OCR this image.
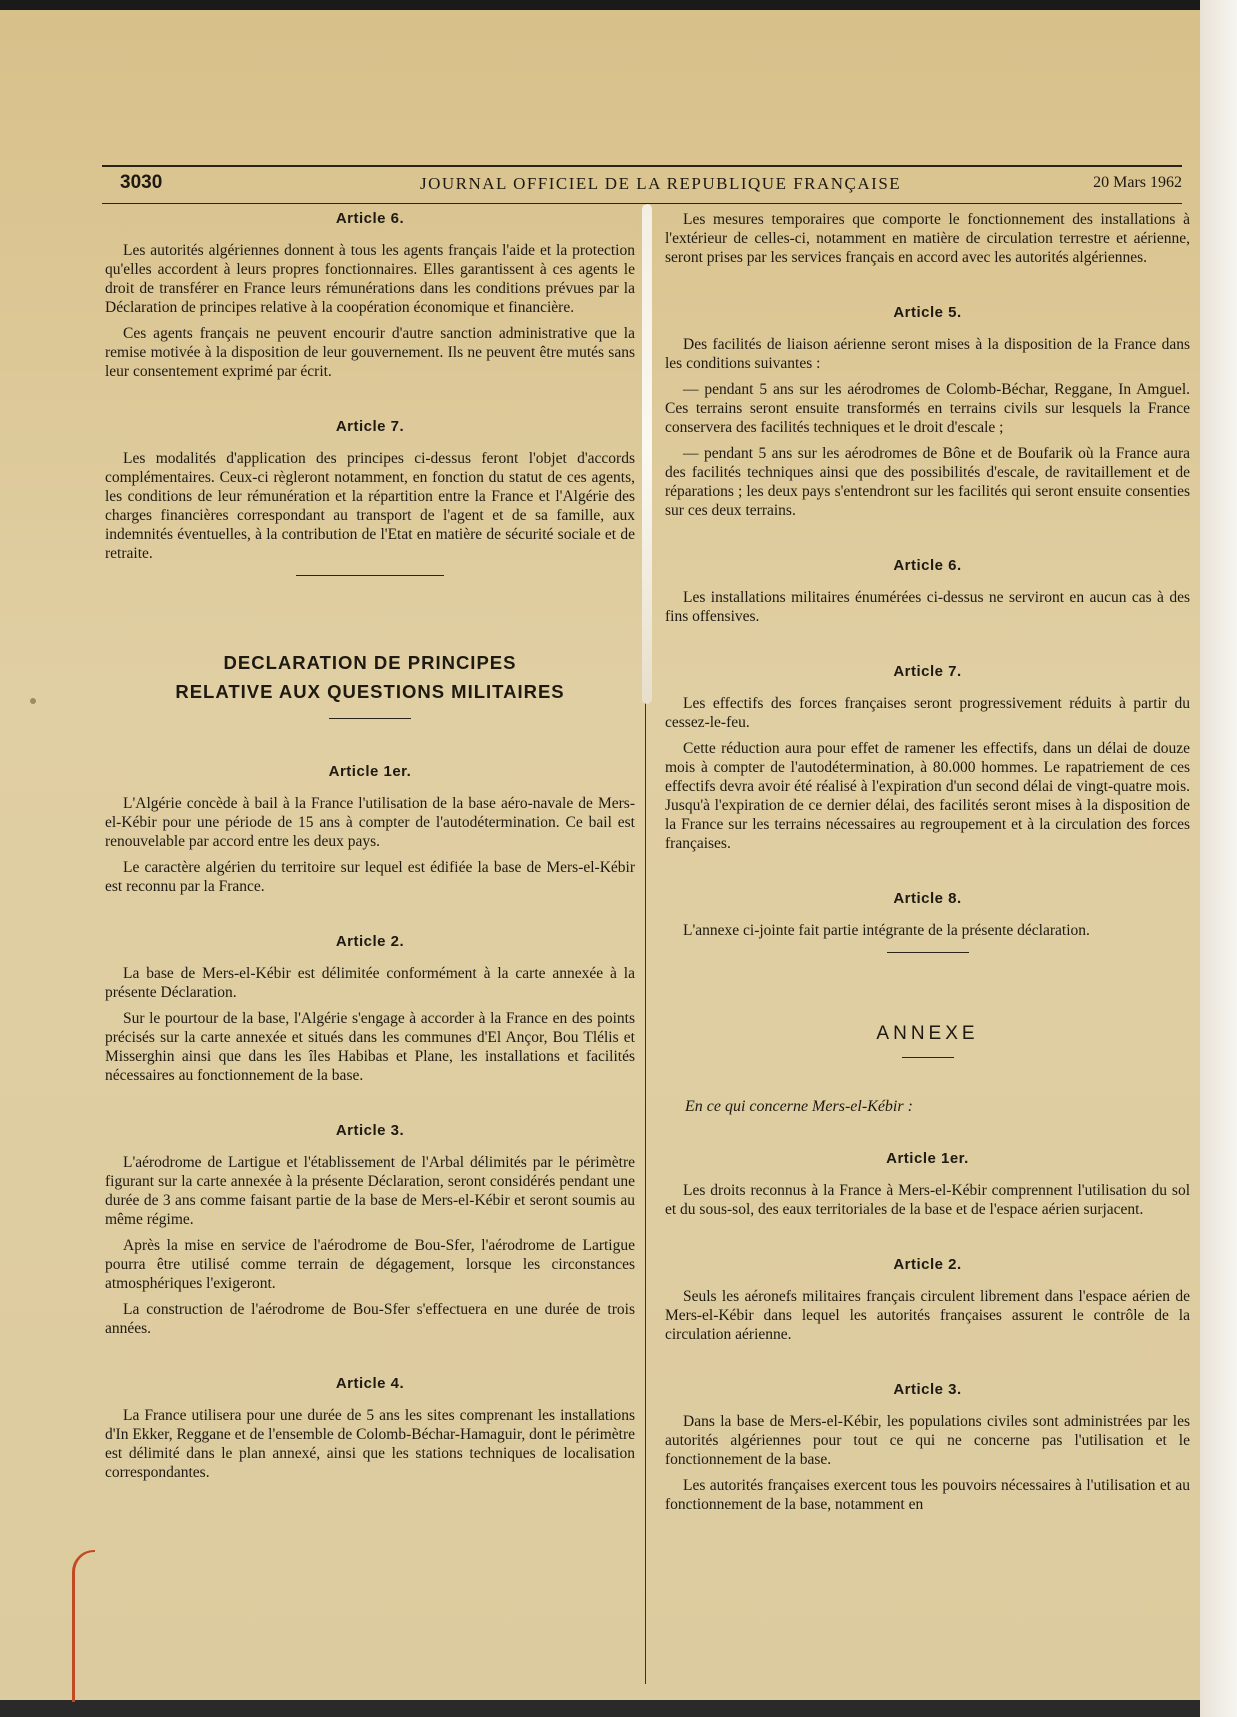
3030	JOURNAL OFFICIEL DE LA REPUBLIQUE FRANÇAISE	20 Mars 1962
Article 6.

Les autorités algériennes donnent à tous les agents français l'aide et la protection qu'elles accordent à leurs propres fonctionnaires. Elles garantissent à ces agents le droit de transférer en France leurs rémunérations dans les conditions prévues par la Déclaration de principes relative à la coopération économique et financière.

Ces agents français ne peuvent encourir d'autre sanction administrative que la remise motivée à la disposition de leur gouvernement. Ils ne peuvent être mutés sans leur consentement exprimé par écrit.

Article 7.

Les modalités d'application des principes ci-dessus feront l'objet d'accords complémentaires. Ceux-ci règleront notamment, en fonction du statut de ces agents, les conditions de leur rémunération et la répartition entre la France et l'Algérie des charges financières correspondant au transport de l'agent et de sa famille, aux indemnités éventuelles, à la contribution de l'Etat en matière de sécurité sociale et de retraite.

DECLARATION DE PRINCIPES
RELATIVE AUX QUESTIONS MILITAIRES
Article 1er.

L'Algérie concède à bail à la France l'utilisation de la base aéro-navale de Mers-el-Kébir pour une période de 15 ans à compter de l'autodétermination. Ce bail est renouvelable par accord entre les deux pays.

Le caractère algérien du territoire sur lequel est édifiée la base de Mers-el-Kébir est reconnu par la France.

Article 2.

La base de Mers-el-Kébir est délimitée conformément à la carte annexée à la présente Déclaration.

Sur le pourtour de la base, l'Algérie s'engage à accorder à la France en des points précisés sur la carte annexée et situés dans les communes d'El Ançor, Bou Tlélis et Misserghin ainsi que dans les îles Habibas et Plane, les installations et facilités nécessaires au fonctionnement de la base.

Article 3.

L'aérodrome de Lartigue et l'établissement de l'Arbal délimités par le périmètre figurant sur la carte annexée à la présente Déclaration, seront considérés pendant une durée de 3 ans comme faisant partie de la base de Mers-el-Kébir et seront soumis au même régime.

Après la mise en service de l'aérodrome de Bou-Sfer, l'aérodrome de Lartigue pourra être utilisé comme terrain de dégagement, lorsque les circonstances atmosphériques l'exigeront.

La construction de l'aérodrome de Bou-Sfer s'effectuera en une durée de trois années.

Article 4.

La France utilisera pour une durée de 5 ans les sites comprenant les installations d'In Ekker, Reggane et de l'ensemble de Colomb-Béchar-Hamaguir, dont le périmètre est délimité dans le plan annexé, ainsi que les stations techniques de localisation correspondantes.

Les mesures temporaires que comporte le fonctionnement des installations à l'extérieur de celles-ci, notamment en matière de circulation terrestre et aérienne, seront prises par les services français en accord avec les autorités algériennes.

Article 5.

Des facilités de liaison aérienne seront mises à la disposition de la France dans les conditions suivantes :

— pendant 5 ans sur les aérodromes de Colomb-Béchar, Reggane, In Amguel. Ces terrains seront ensuite transformés en terrains civils sur lesquels la France conservera des facilités techniques et le droit d'escale ;

— pendant 5 ans sur les aérodromes de Bône et de Boufarik où la France aura des facilités techniques ainsi que des possibilités d'escale, de ravitaillement et de réparations ; les deux pays s'entendront sur les facilités qui seront ensuite consenties sur ces deux terrains.

Article 6.

Les installations militaires énumérées ci-dessus ne serviront en aucun cas à des fins offensives.

Article 7.

Les effectifs des forces françaises seront progressivement réduits à partir du cessez-le-feu.

Cette réduction aura pour effet de ramener les effectifs, dans un délai de douze mois à compter de l'autodétermination, à 80.000 hommes. Le rapatriement de ces effectifs devra avoir été réalisé à l'expiration d'un second délai de vingt-quatre mois. Jusqu'à l'expiration de ce dernier délai, des facilités seront mises à la disposition de la France sur les terrains nécessaires au regroupement et à la circulation des forces françaises.

Article 8.

L'annexe ci-jointe fait partie intégrante de la présente déclaration.

ANNEXE
En ce qui concerne Mers-el-Kébir :
Article 1er.

Les droits reconnus à la France à Mers-el-Kébir comprennent l'utilisation du sol et du sous-sol, des eaux territoriales de la base et de l'espace aérien surjacent.

Article 2.

Seuls les aéronefs militaires français circulent librement dans l'espace aérien de Mers-el-Kébir dans lequel les autorités françaises assurent le contrôle de la circulation aérienne.

Article 3.

Dans la base de Mers-el-Kébir, les populations civiles sont administrées par les autorités algériennes pour tout ce qui ne concerne pas l'utilisation et le fonctionnement de la base.

Les autorités françaises exercent tous les pouvoirs nécessaires à l'utilisation et au fonctionnement de la base, notamment en
